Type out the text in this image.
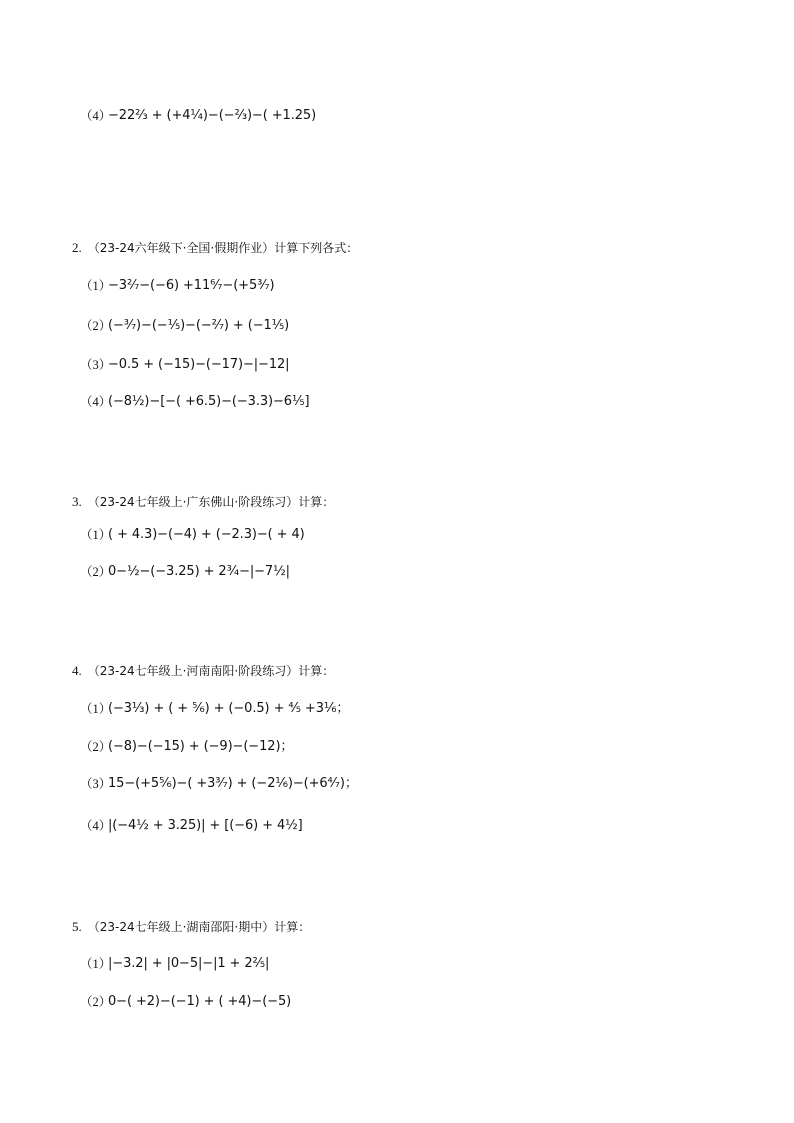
（4）
−22⅔ + (+4¼)−(−⅔)−( +1.25)
2. （23-24六年级下·全国·假期作业）计算下列各式：
（1）
−3²⁄₇−(−6) +11⁶⁄₇−(+5³⁄₇)
（2）
(−³⁄₇)−(−⅕)−(−²⁄₇) + (−1⅕)
（3）
−0.5 + (−15)−(−17)−|−12|
（4）
(−8½)−[−( +6.5)−(−3.3)−6⅕]
3. （23-24七年级上·广东佛山·阶段练习）计算：
（1）
( + 4.3)−(−4) + (−2.3)−( + 4)
（2）
0−½−(−3.25) + 2¾−|−7½|
4. （23-24七年级上·河南南阳·阶段练习）计算：
（1）
(−3⅓) + ( + ⅚) + (−0.5) + ⅘ +3⅙；
（2）
(−8)−(−15) + (−9)−(−12)；
（3）
15−(+5⅚)−( +3³⁄₇) + (−2⅙)−(+6⁴⁄₇)；
（4）
|(−4½ + 3.25)| + [(−6) + 4½]
5. （23-24七年级上·湖南邵阳·期中）计算：
（1）
|−3.2| + |0−5|−|1 + 2⅖|
（2）
0−( +2)−(−1) + ( +4)−(−5)
